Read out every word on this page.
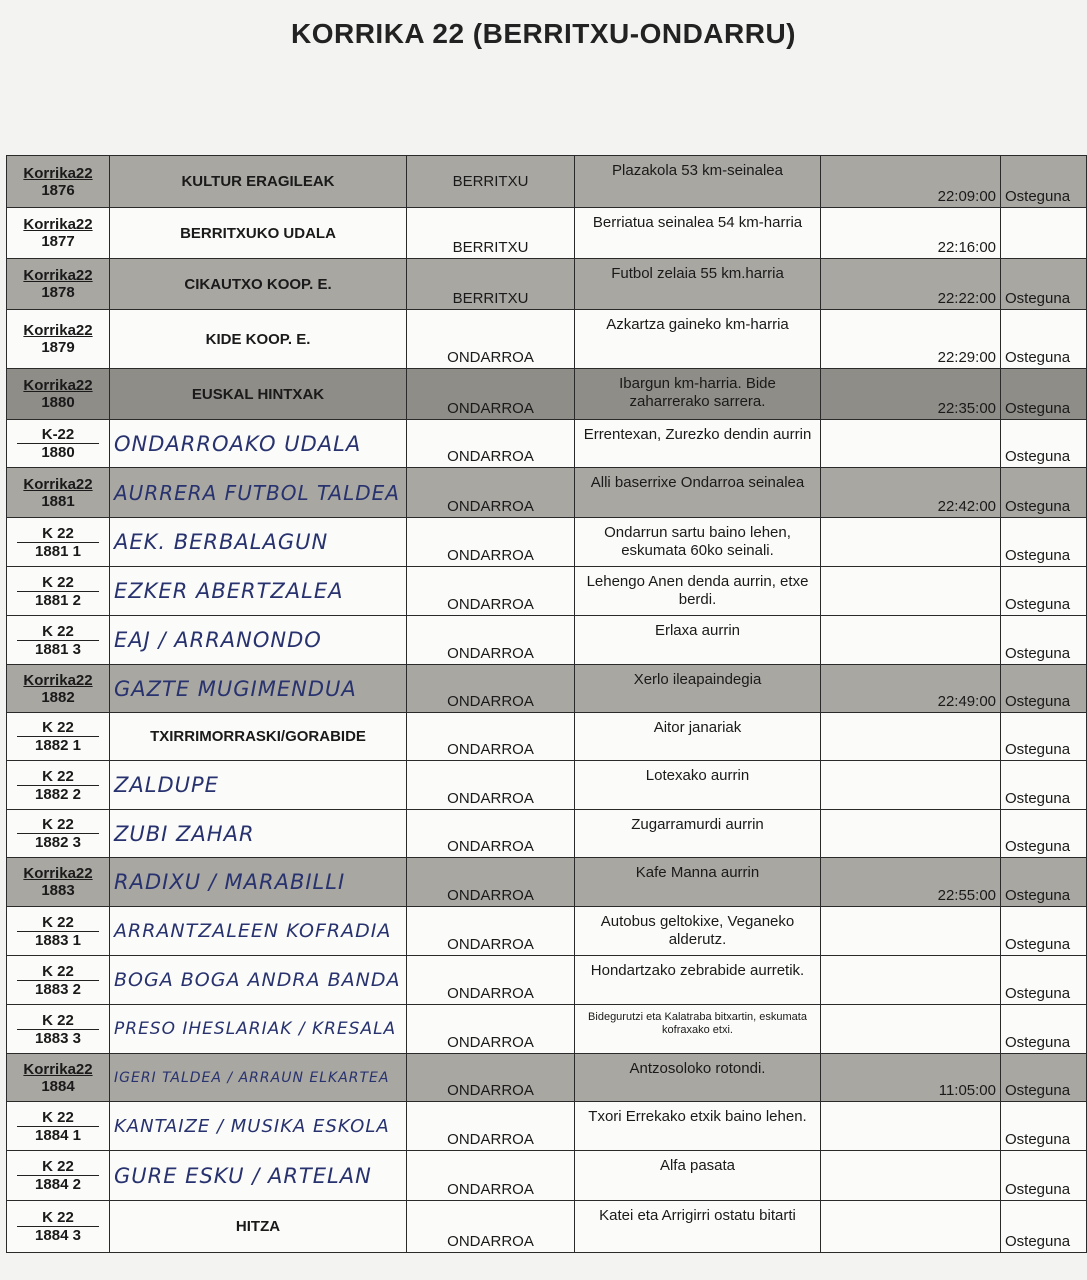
KORRIKA 22 (BERRITXU-ONDARRU)
Korrika22
1876	KULTUR ERAGILEAK	BERRITXU	Plazakola 53 km-seinalea	22:09:00	Osteguna

Korrika22
1877	BERRITXUKO UDALA	BERRITXU	Berriatua seinalea 54 km-harria	22:16:00	

Korrika22
1878	CIKAUTXO KOOP. E.	BERRITXU	Futbol zelaia 55 km.harria	22:22:00	Osteguna

Korrika22
1879	KIDE KOOP. E.	ONDARROA	Azkartza gaineko km-harria	22:29:00	Osteguna

Korrika22
1880	EUSKAL HINTXAK	ONDARROA	Ibargun km-harria. Bide zaharrerako sarrera.	22:35:00	Osteguna

K-22
1880	ONDARROAKO UDALA	ONDARROA	Errentexan, Zurezko dendin aurrin		Osteguna

Korrika22
1881	AURRERA FUTBOL TALDEA	ONDARROA	Alli baserrixe Ondarroa seinalea	22:42:00	Osteguna

K 22
1881 1	AEK. BERBALAGUN	ONDARROA	Ondarrun sartu baino lehen, eskumata 60ko seinali.		Osteguna

K 22
1881 2	EZKER ABERTZALEA	ONDARROA	Lehengo Anen denda aurrin, etxe berdi.		Osteguna

K 22
1881 3	EAJ / ARRANONDO	ONDARROA	Erlaxa aurrin		Osteguna

Korrika22
1882	GAZTE MUGIMENDUA	ONDARROA	Xerlo ileapaindegia	22:49:00	Osteguna

K 22
1882 1	TXIRRIMORRASKI/GORABIDE	ONDARROA	Aitor janariak		Osteguna

K 22
1882 2	ZALDUPE	ONDARROA	Lotexako aurrin		Osteguna

K 22
1882 3	ZUBI ZAHAR	ONDARROA	Zugarramurdi aurrin		Osteguna

Korrika22
1883	RADIXU / MARABILLI	ONDARROA	Kafe Manna aurrin	22:55:00	Osteguna

K 22
1883 1	ARRANTZALEEN KOFRADIA	ONDARROA	Autobus geltokixe, Veganeko alderutz.		Osteguna

K 22
1883 2	BOGA BOGA ANDRA BANDA	ONDARROA	Hondartzako zebrabide aurretik.		Osteguna

K 22
1883 3	PRESO IHESLARIAK / KRESALA	ONDARROA	Bidegurutzi eta Kalatraba bitxartin, eskumata kofraxako etxi.		Osteguna

Korrika22
1884	IGERI TALDEA / ARRAUN ELKARTEA	ONDARROA	Antzosoloko rotondi.	11:05:00	Osteguna

K 22
1884 1	KANTAIZE / MUSIKA ESKOLA	ONDARROA	Txori Errekako etxik baino lehen.		Osteguna

K 22
1884 2	GURE ESKU / ARTELAN	ONDARROA	Alfa pasata		Osteguna

K 22
1884 3	HITZA	ONDARROA	Katei eta Arrigirri ostatu bitarti		Osteguna
